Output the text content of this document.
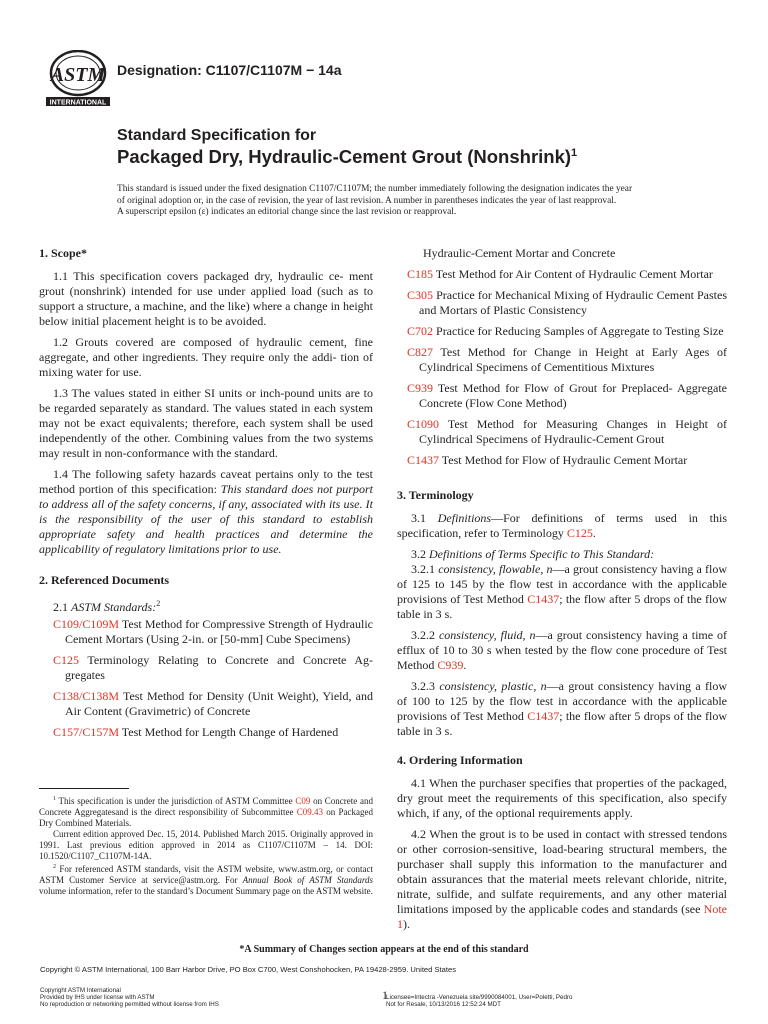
ASTM
INTERNATIONAL
Designation: C1107/C1107M − 14a
Standard Specification for
Packaged Dry, Hydraulic-Cement Grout (Nonshrink)$^1$
This standard is issued under the fixed designation C1107/C1107M; the number immediately following the designation indicates the year
of original adoption or, in the case of revision, the year of last revision. A number in parentheses indicates the year of last reapproval.
A superscript epsilon (ε) indicates an editorial change since the last revision or reapproval.
1. Scope*

1.1 This specification covers packaged dry, hydraulic ce- ment grout (nonshrink) intended for use under applied load (such as to support a structure, a machine, and the like) where a change in height below initial placement height is to be avoided.

1.2 Grouts covered are composed of hydraulic cement, fine aggregate, and other ingredients. They require only the addi- tion of mixing water for use.

1.3 The values stated in either SI units or inch-pound units are to be regarded separately as standard. The values stated in each system may not be exact equivalents; therefore, each system shall be used independently of the other. Combining values from the two systems may result in non-conformance with the standard.

1.4 The following safety hazards caveat pertains only to the test method portion of this specification: This standard does not purport to address all of the safety concerns, if any, associated with its use. It is the responsibility of the user of this standard to establish appropriate safety and health practices and determine the applicability of regulatory limitations prior to use.

2. Referenced Documents

2.1 ASTM Standards:$^2$

C109/C109M Test Method for Compressive Strength of Hydraulic Cement Mortars (Using 2-in. or [50-mm] Cube Specimens)

C125 Terminology Relating to Concrete and Concrete Ag- gregates

C138/C138M Test Method for Density (Unit Weight), Yield, and Air Content (Gravimetric) of Concrete

C157/C157M Test Method for Length Change of Hardened

Hydraulic-Cement Mortar and Concrete

C185 Test Method for Air Content of Hydraulic Cement Mortar

C305 Practice for Mechanical Mixing of Hydraulic Cement Pastes and Mortars of Plastic Consistency

C702 Practice for Reducing Samples of Aggregate to Testing Size

C827 Test Method for Change in Height at Early Ages of Cylindrical Specimens of Cementitious Mixtures

C939 Test Method for Flow of Grout for Preplaced- Aggregate Concrete (Flow Cone Method)

C1090 Test Method for Measuring Changes in Height of Cylindrical Specimens of Hydraulic-Cement Grout

C1437 Test Method for Flow of Hydraulic Cement Mortar

3. Terminology

3.1 Definitions—For definitions of terms used in this specification, refer to Terminology C125.

3.2 Definitions of Terms Specific to This Standard:

3.2.1 consistency, flowable, n—a grout consistency having a flow of 125 to 145 by the flow test in accordance with the applicable provisions of Test Method C1437; the flow after 5 drops of the flow table in 3 s.

3.2.2 consistency, fluid, n—a grout consistency having a time of efflux of 10 to 30 s when tested by the flow cone procedure of Test Method C939.

3.2.3 consistency, plastic, n—a grout consistency having a flow of 100 to 125 by the flow test in accordance with the applicable provisions of Test Method C1437; the flow after 5 drops of the flow table in 3 s.

4. Ordering Information

4.1 When the purchaser specifies that properties of the packaged, dry grout meet the requirements of this specification, also specify which, if any, of the optional requirements apply.

4.2 When the grout is to be used in contact with stressed tendons or other corrosion-sensitive, load-bearing structural members, the purchaser shall supply this information to the manufacturer and obtain assurances that the material meets relevant chloride, nitrite, nitrate, sulfide, and sulfate requirements, and any other material limitations imposed by the applicable codes and standards (see Note 1).

$^1$ This specification is under the jurisdiction of ASTM Committee C09 on Concrete and Concrete Aggregatesand is the direct responsibility of Subcommittee C09.43 on Packaged Dry Combined Materials.

Current edition approved Dec. 15, 2014. Published March 2015. Originally approved in 1991. Last previous edition approved in 2014 as C1107/C1107M – 14. DOI: 10.1520/C1107_C1107M-14A.

$^2$ For referenced ASTM standards, visit the ASTM website, www.astm.org, or contact ASTM Customer Service at service@astm.org. For Annual Book of ASTM Standards volume information, refer to the standard’s Document Summary page on the ASTM website.

*A Summary of Changes section appears at the end of this standard
Copyright © ASTM International, 100 Barr Harbor Drive, PO Box C700, West Conshohocken, PA 19428-2959. United States
Copyright ASTM International
Provided by IHS under license with ASTM
No reproduction or networking permitted without license from IHS
1
Licensee=Intectra -Venezuela site/9990084001, User=Poletti, Pedro
Not for Resale, 10/13/2016 12:52:24 MDT
